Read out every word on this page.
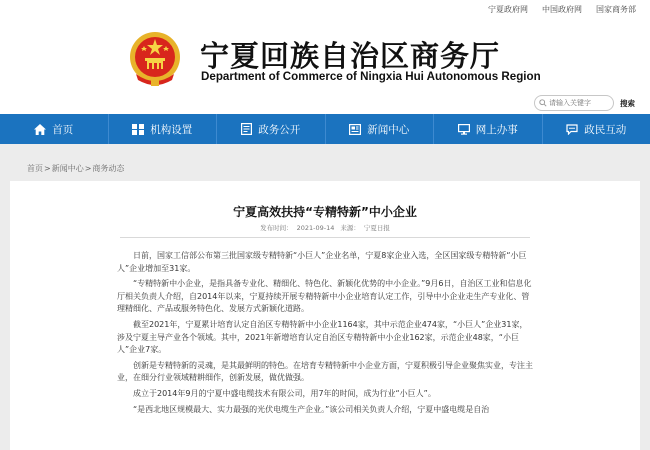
宁夏政府网 中国政府网 国家商务部
宁夏回族自治区商务厅
Department of Commerce of Ningxia Hui Autonomous Region
请输入关键字
搜索
首页	机构设置	政务公开	新闻中心	网上办事	政民互动
首页>新闻中心>商务动态
宁夏高效扶持“专精特新”中小企业
发布时间： 2021-09-14 来源： 宁夏日报

日前，国家工信部公布第三批国家级专精特新“小巨人”企业名单，宁夏8家企业入选，全区国家级专精特新“小巨人”企业增加至31家。

“专精特新中小企业，是指具备专业化、精细化、特色化、新颖化优势的中小企业。”9月6日，自治区工业和信息化厅相关负责人介绍，自2014年以来，宁夏持续开展专精特新中小企业培育认定工作，引导中小企业走生产专业化、管理精细化、产品或服务特色化、发展方式新颖化道路。

截至2021年，宁夏累计培育认定自治区专精特新中小企业1164家，其中示范企业474家，“小巨人”企业31家，涉及宁夏主导产业各个领域。其中，2021年新增培育认定自治区专精特新中小企业162家，示范企业48家，“小巨人”企业7家。

创新是专精特新的灵魂，是其最鲜明的特色。在培育专精特新中小企业方面，宁夏积极引导企业聚焦实业，专注主业，在细分行业领域精耕细作，创新发展，做优做强。

成立于2014年9月的宁夏中盛电缆技术有限公司，用7年的时间，成为行业“小巨人”。

“是西北地区规模最大、实力最强的光伏电缆生产企业。”该公司相关负责人介绍，宁夏中盛电缆是自治
